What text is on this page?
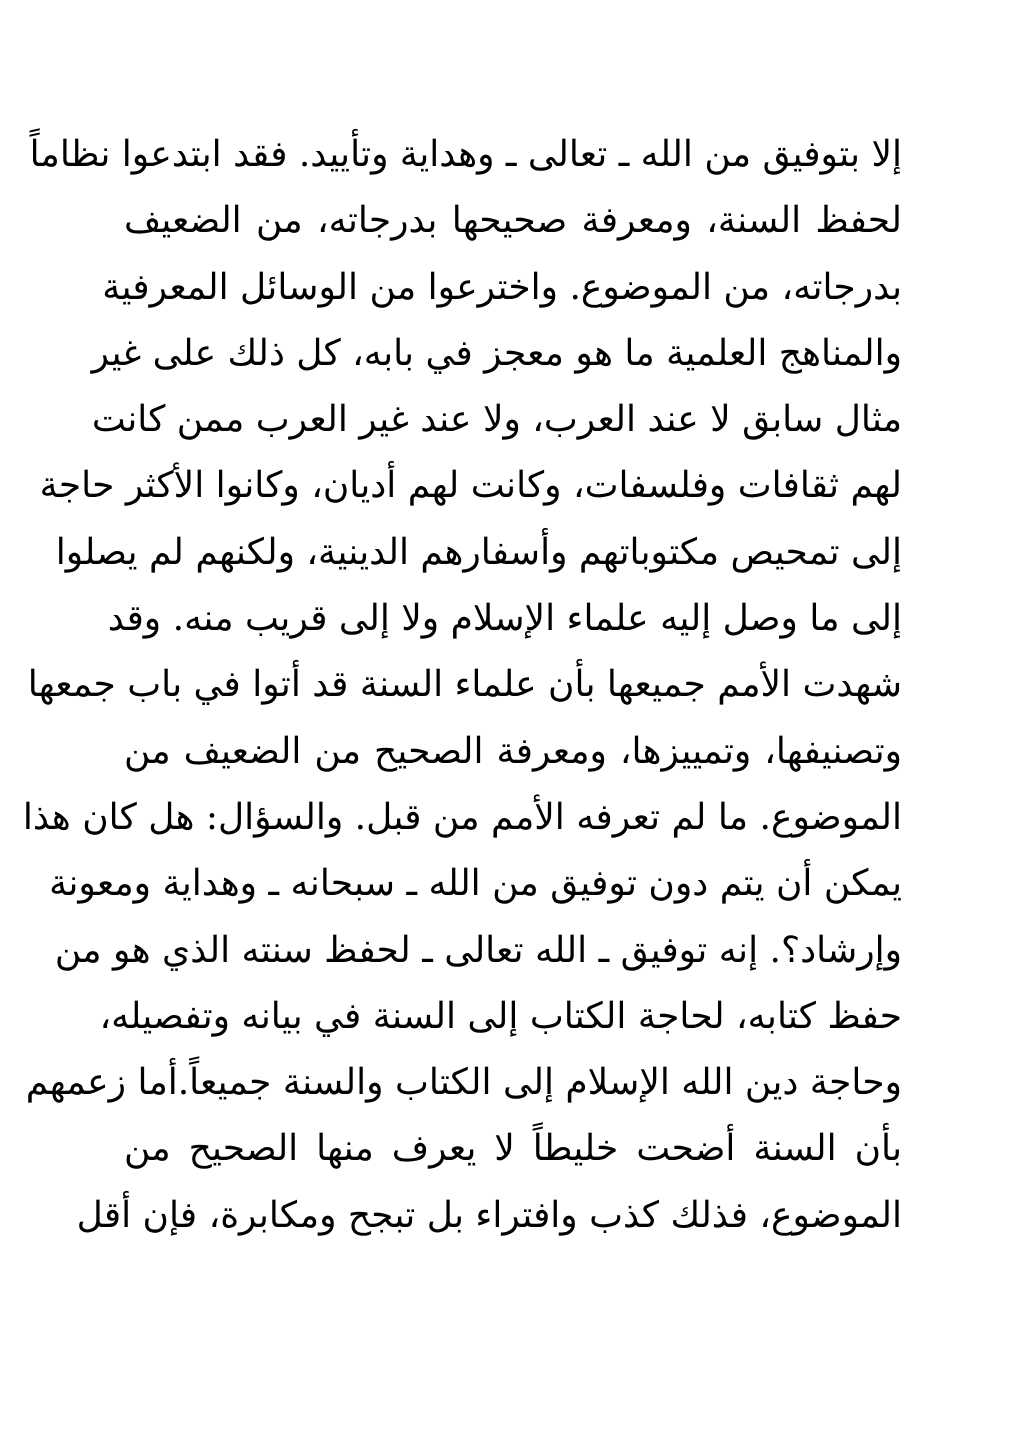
إلا بتوفيق من الله ـ تعالى ـ وهداية وتأييد. فقد ابتدعوا نظاماً
لحفظ السنة، ومعرفة صحيحها بدرجاته، من الضعيف
بدرجاته، من الموضوع. واخترعوا من الوسائل المعرفية
والمناهج العلمية ما هو معجز في بابه، كل ذلك على غير
مثال سابق لا عند العرب، ولا عند غير العرب ممن كانت
لهم ثقافات وفلسفات، وكانت لهم أديان، وكانوا الأكثر حاجة
إلى تمحيص مكتوباتهم وأسفارهم الدينية، ولكنهم لم يصلوا
إلى ما وصل إليه علماء الإسلام ولا إلى قريب منه. وقد
شهدت الأمم جميعها بأن علماء السنة قد أتوا في باب جمعها
وتصنيفها، وتمييزها، ومعرفة الصحيح من الضعيف من
الموضوع. ما لم تعرفه الأمم من قبل. والسؤال: هل كان هذا
يمكن أن يتم دون توفيق من الله ـ سبحانه ـ وهداية ومعونة
وإرشاد؟. إنه توفيق ـ الله تعالى ـ لحفظ سنته الذي هو من
حفظ كتابه، لحاجة الكتاب إلى السنة في بيانه وتفصيله،
وحاجة دين الله الإسلام إلى الكتاب والسنة جميعاً.أما زعمهم
بأن السنة أضحت خليطاً لا يعرف منها الصحيح من
الموضوع، فذلك كذب وافتراء بل تبجح ومكابرة، فإن أقل
